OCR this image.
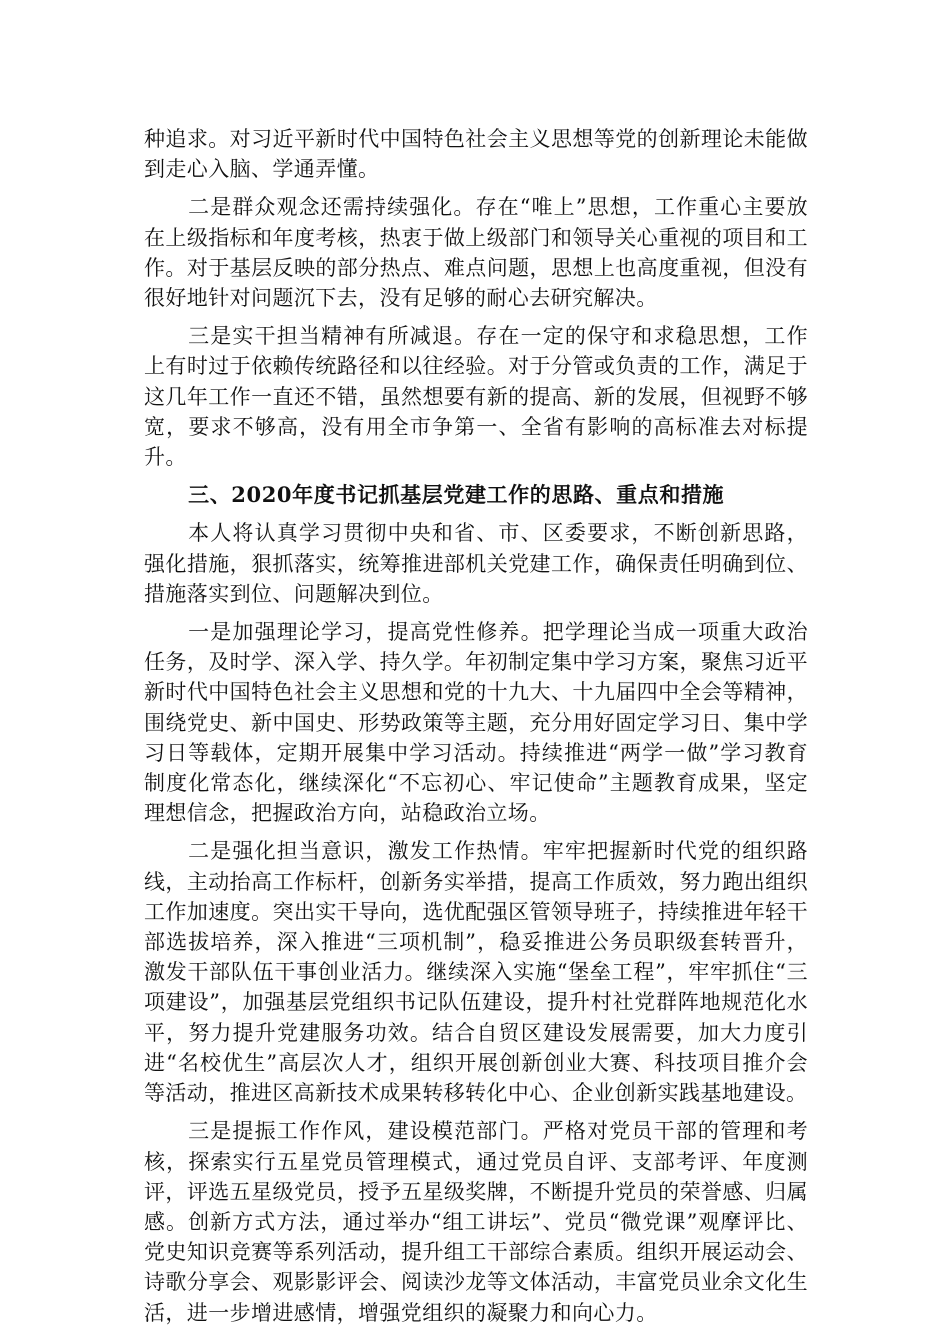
种追求。对习近平新时代中国特色社会主义思想等党的创新理论未能做到走心入脑、学通弄懂。

二是群众观念还需持续强化。存在“唯上”思想，工作重心主要放在上级指标和年度考核，热衷于做上级部门和领导关心重视的项目和工作。对于基层反映的部分热点、难点问题，思想上也高度重视，但没有很好地针对问题沉下去，没有足够的耐心去研究解决。

三是实干担当精神有所减退。存在一定的保守和求稳思想，工作上有时过于依赖传统路径和以往经验。对于分管或负责的工作，满足于这几年工作一直还不错，虽然想要有新的提高、新的发展，但视野不够宽，要求不够高，没有用全市争第一、全省有影响的高标准去对标提升。

三、2020年度书记抓基层党建工作的思路、重点和措施

本人将认真学习贯彻中央和省、市、区委要求，不断创新思路，强化措施，狠抓落实，统筹推进部机关党建工作，确保责任明确到位、措施落实到位、问题解决到位。

一是加强理论学习，提高党性修养。把学理论当成一项重大政治任务，及时学、深入学、持久学。年初制定集中学习方案，聚焦习近平新时代中国特色社会主义思想和党的十九大、十九届四中全会等精神，围绕党史、新中国史、形势政策等主题，充分用好固定学习日、集中学习日等载体，定期开展集中学习活动。持续推进“两学一做”学习教育制度化常态化，继续深化“不忘初心、牢记使命”主题教育成果，坚定理想信念，把握政治方向，站稳政治立场。

二是强化担当意识，激发工作热情。牢牢把握新时代党的组织路线，主动抬高工作标杆，创新务实举措，提高工作质效，努力跑出组织工作加速度。突出实干导向，选优配强区管领导班子，持续推进年轻干部选拔培养，深入推进“三项机制”，稳妥推进公务员职级套转晋升，激发干部队伍干事创业活力。继续深入实施“堡垒工程”，牢牢抓住“三项建设”，加强基层党组织书记队伍建设，提升村社党群阵地规范化水平，努力提升党建服务功效。结合自贸区建设发展需要，加大力度引进“名校优生”高层次人才，组织开展创新创业大赛、科技项目推介会等活动，推进区高新技术成果转移转化中心、企业创新实践基地建设。

三是提振工作作风，建设模范部门。严格对党员干部的管理和考核，探索实行五星党员管理模式，通过党员自评、支部考评、年度测评，评选五星级党员，授予五星级奖牌，不断提升党员的荣誉感、归属感。创新方式方法，通过举办“组工讲坛”、党员“微党课”观摩评比、党史知识竞赛等系列活动，提升组工干部综合素质。组织开展运动会、诗歌分享会、观影影评会、阅读沙龙等文体活动，丰富党员业余文化生活，进一步增进感情，增强党组织的凝聚力和向心力。
